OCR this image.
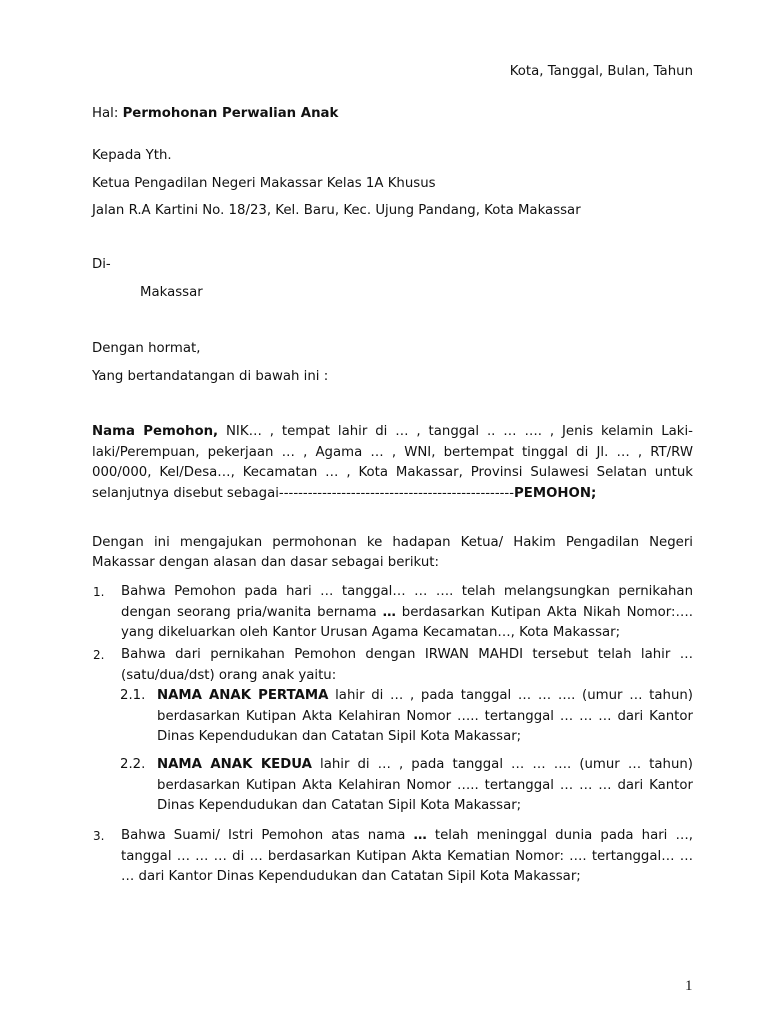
Kota, Tanggal, Bulan, Tahun
Hal: Permohonan Perwalian Anak
Kepada Yth.
Ketua Pengadilan Negeri Makassar Kelas 1A Khusus
Jalan R.A Kartini No. 18/23, Kel. Baru, Kec. Ujung Pandang, Kota Makassar
Di-
Makassar
Dengan hormat,
Yang bertandatangan di bawah ini :
Nama Pemohon, NIK… , tempat lahir di … , tanggal .. … …. , Jenis kelamin Laki-laki/Perempuan, pekerjaan … , Agama … , WNI, bertempat tinggal di Jl. … , RT/RW 000/000, Kel/Desa…, Kecamatan … , Kota Makassar, Provinsi Sulawesi Selatan untuk selanjutnya disebut sebagai-------------------------------------------------PEMOHON;
Dengan ini mengajukan permohonan ke hadapan Ketua/ Hakim Pengadilan Negeri Makassar dengan alasan dan dasar sebagai berikut:
1.	Bahwa Pemohon pada hari … tanggal… … …. telah melangsungkan pernikahan dengan seorang pria/wanita bernama … berdasarkan Kutipan Akta Nikah Nomor:…. yang dikeluarkan oleh Kantor Urusan Agama Kecamatan…, Kota Makassar;
2.	Bahwa dari pernikahan Pemohon dengan IRWAN MAHDI tersebut telah lahir … (satu/dua/dst) orang anak yaitu:
2.1. NAMA ANAK PERTAMA lahir di … , pada tanggal … … …. (umur … tahun) berdasarkan Kutipan Akta Kelahiran Nomor ….. tertanggal … … … dari Kantor Dinas Kependudukan dan Catatan Sipil Kota Makassar;
2.2. NAMA ANAK KEDUA lahir di … , pada tanggal … … …. (umur … tahun) berdasarkan Kutipan Akta Kelahiran Nomor ….. tertanggal … … … dari Kantor Dinas Kependudukan dan Catatan Sipil Kota Makassar;
3.	Bahwa Suami/ Istri Pemohon atas nama … telah meninggal dunia pada hari …, tanggal … … … di … berdasarkan Kutipan Akta Kematian Nomor: …. tertanggal… … … dari Kantor Dinas Kependudukan dan Catatan Sipil Kota Makassar;
1
